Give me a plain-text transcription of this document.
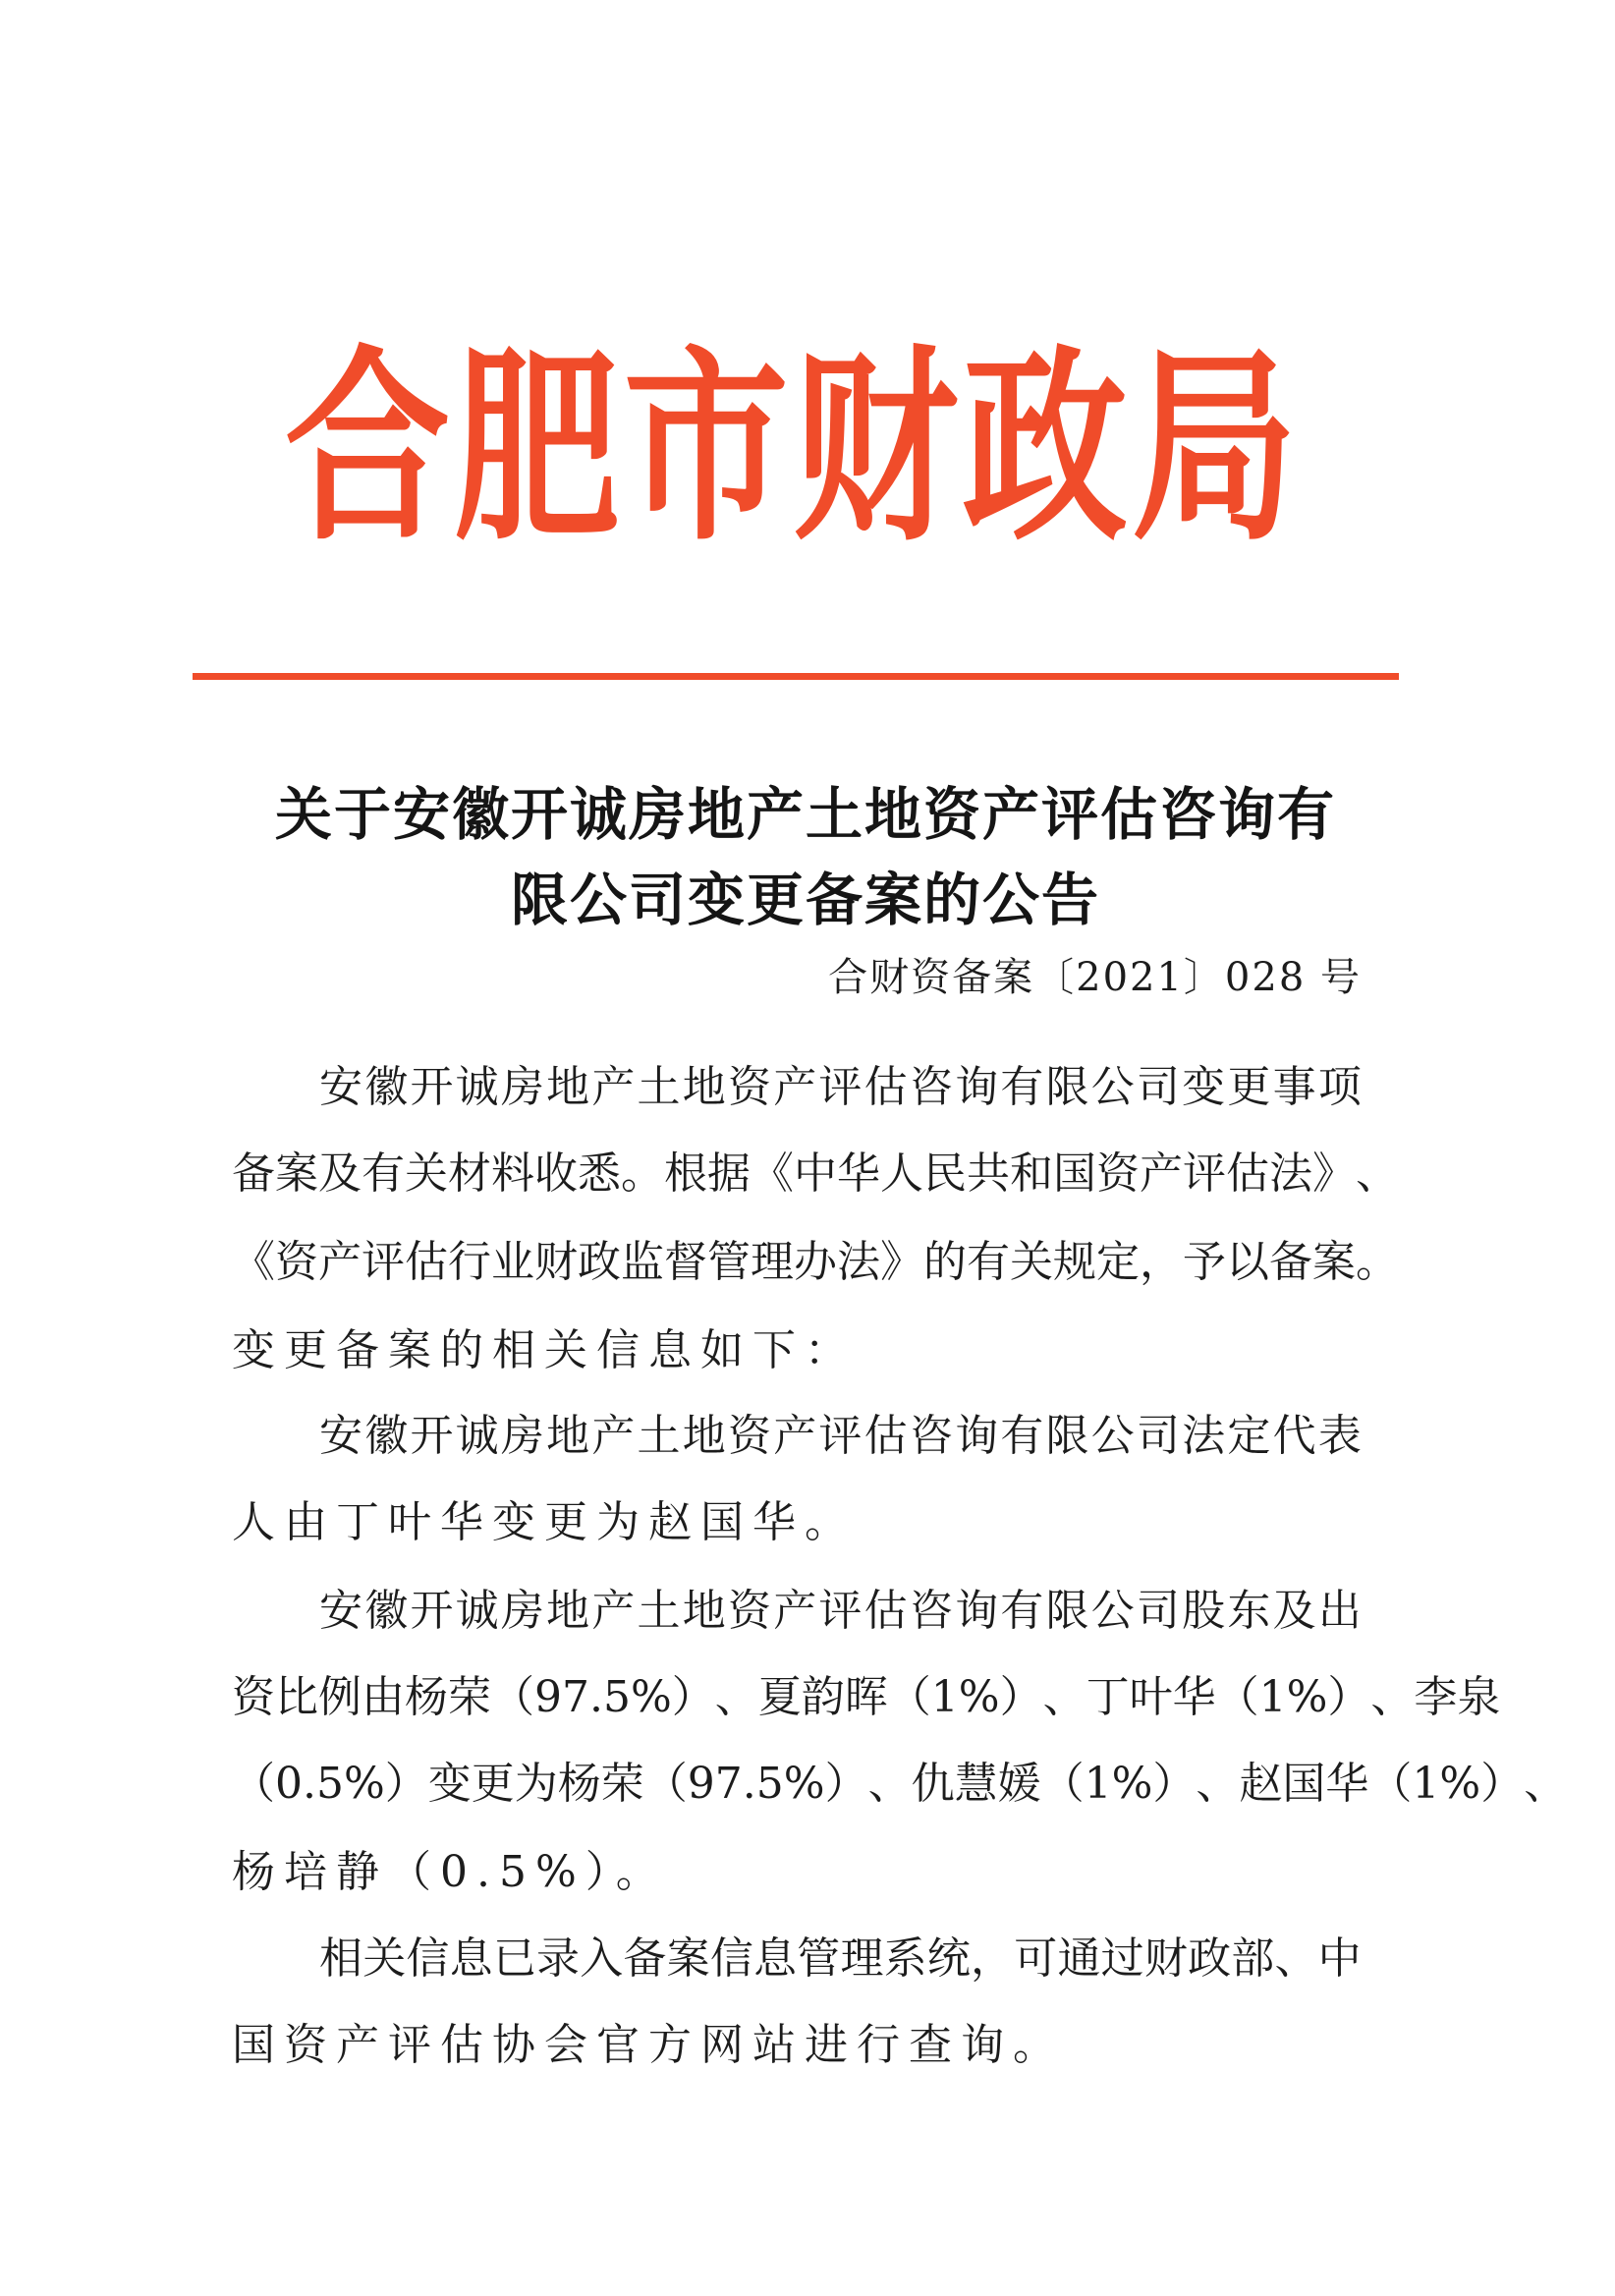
合 肥 市 财 政 局
关于安徽开诚房地产土地资产评估咨询有
限公司变更备案的公告
合财资备案〔2021〕028 号
安 徽 开 诚 房 地 产 土 地 资 产 评 估 咨 询 有 限 公 司 变 更 事 项
备 案 及 有 关 材 料 收 悉 。 根 据 《 中 华 人 民 共 和 国 资 产 评 估 法 》 、
《 资 产 评 估 行 业 财 政 监 督 管 理 办 法 》 的 有 关 规 定 ， 予 以 备 案 。
变更备案的相关信息如下：
安 徽 开 诚 房 地 产 土 地 资 产 评 估 咨 询 有 限 公 司 法 定 代 表
人由丁叶华变更为赵国华。
安 徽 开 诚 房 地 产 土 地 资 产 评 估 咨 询 有 限 公 司 股 东 及 出
资 比 例 由 杨 荣 （ 97.5% ） 、 夏 韵 晖 （ 1% ） 、 丁 叶 华 （ 1% ） 、 李 泉
（ 0.5% ） 变 更 为 杨 荣 （ 97.5% ） 、 仇 慧 媛 （ 1% ） 、 赵 国 华 （ 1% ） 、
杨培静（0.5%）。
相 关 信 息 已 录 入 备 案 信 息 管 理 系 统 ， 可 通 过 财 政 部 、 中
国资产评估协会官方网站进行查询。
